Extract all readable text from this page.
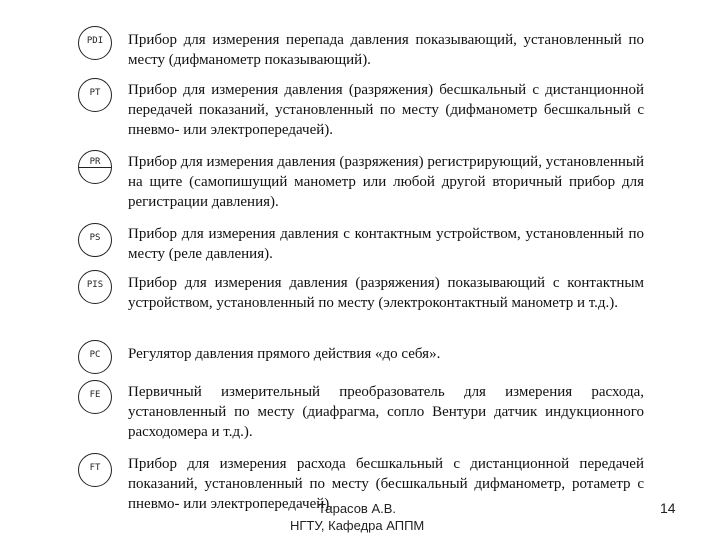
PDI	Прибор для измерения перепада давления показывающий, установленный по месту (дифманометр показывающий).
PT	Прибор для измерения давления (разряжения) бесшкальный с дистанционной передачей показаний, установленный по месту (дифманометр бесшкальный с пневмо- или электропередачей).
PR	Прибор для измерения давления (разряжения) регистрирующий, установленный на щите (самопишущий манометр или любой другой вторичный прибор для регистрации давления).
PS	Прибор для измерения давления с контактным устройством, установленный по месту (реле давления).
PIS	Прибор для измерения давления (разряжения) показывающий с контактным устройством, установленный по месту (электроконтактный манометр и т.д.).
PC	Регулятор давления прямого действия «до себя».
FE	Первичный измерительный преобразователь для измерения расхода, установленный по месту (диафрагма, сопло Вентури датчик индукционного расходомера и т.д.).
FT	Прибор для измерения расхода бесшкальный с дистанционной передачей показаний, установленный по месту (бесшкальный дифманометр, ротаметр с пневмо- или электропередачей).
Тарасов А.В.
НГТУ, Кафедра АППМ
14
